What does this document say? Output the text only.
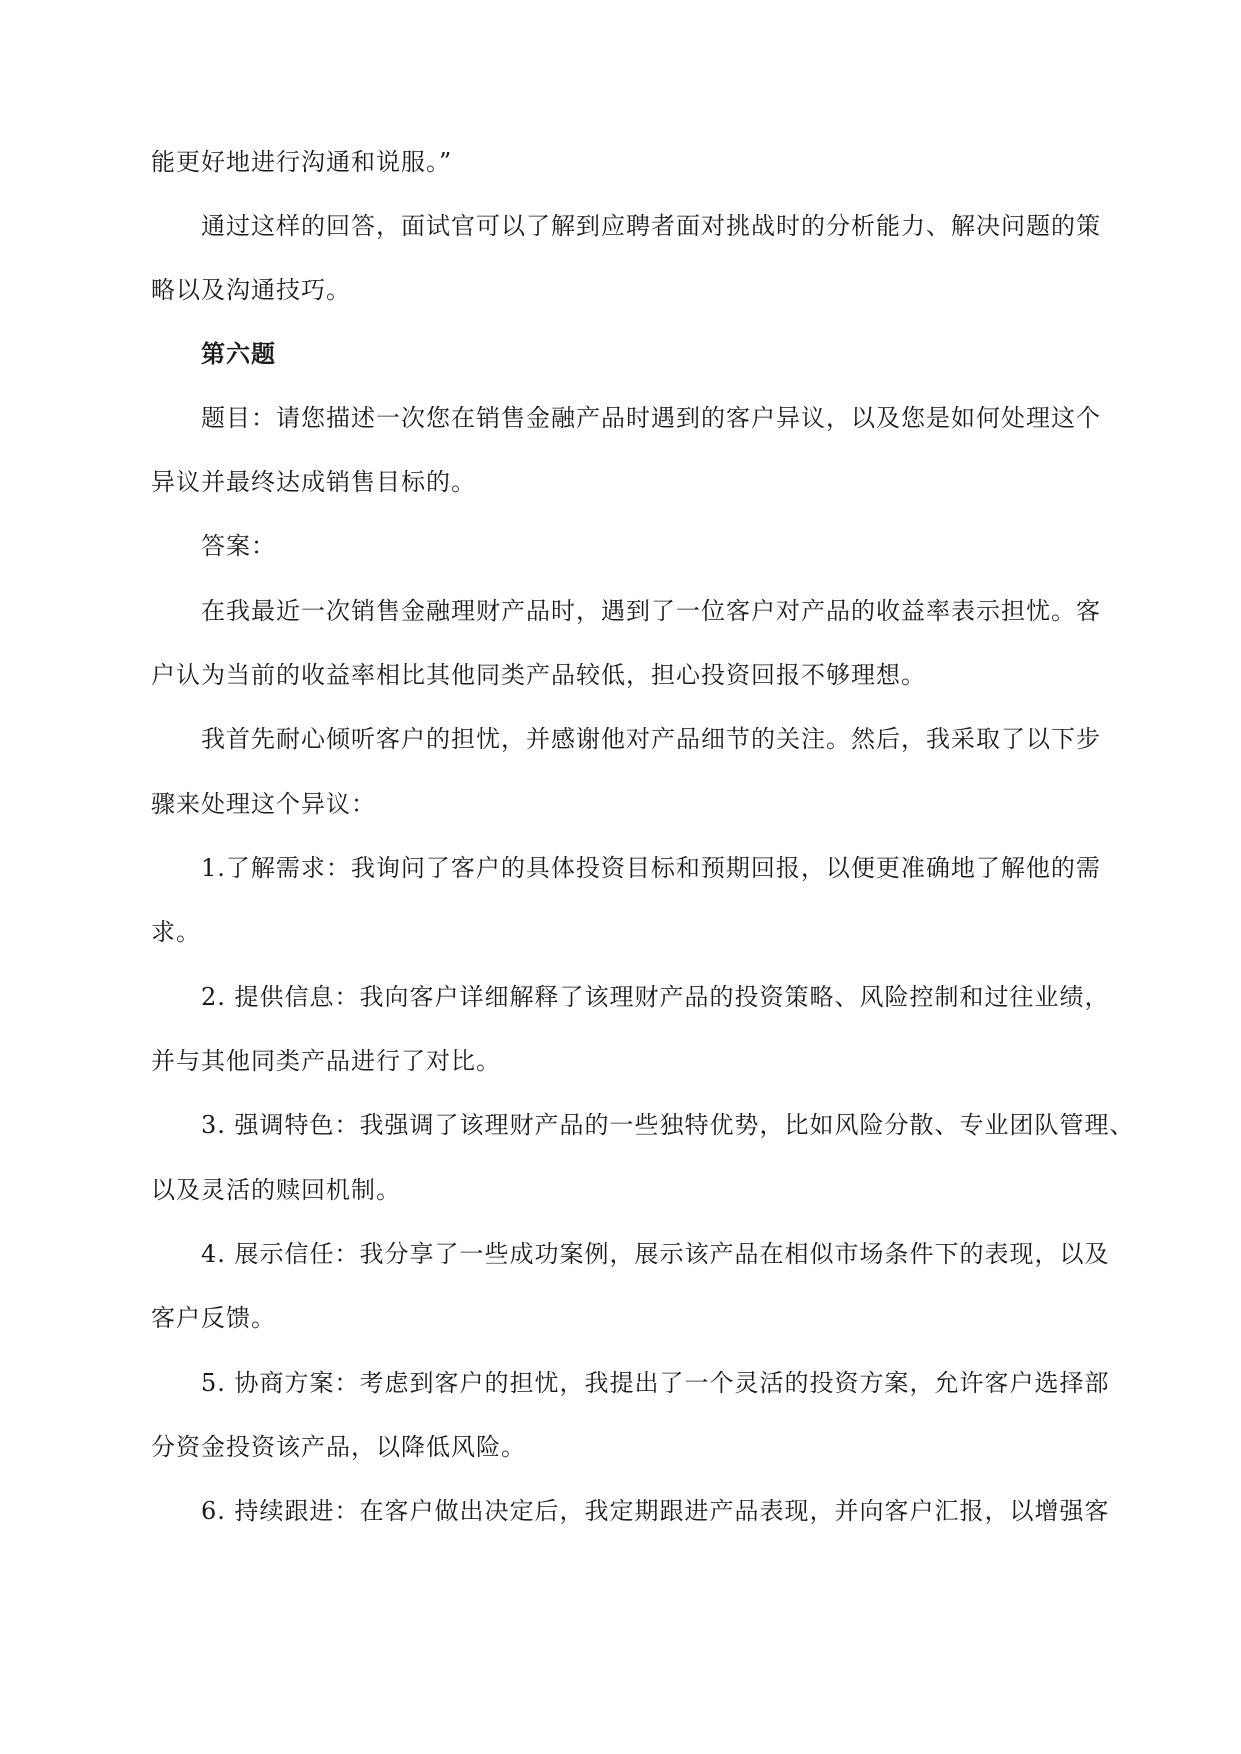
能更好地进行沟通和说服。”
通过这样的回答，面试官可以了解到应聘者面对挑战时的分析能力、解决问题的策
略以及沟通技巧。
第六题
题目：请您描述一次您在销售金融产品时遇到的客户异议，以及您是如何处理这个
异议并最终达成销售目标的。
答案：
在我最近一次销售金融理财产品时，遇到了一位客户对产品的收益率表示担忧。客
户认为当前的收益率相比其他同类产品较低，担心投资回报不够理想。
我首先耐心倾听客户的担忧，并感谢他对产品细节的关注。然后，我采取了以下步
骤来处理这个异议：
1.了解需求：我询问了客户的具体投资目标和预期回报，以便更准确地了解他的需
求。
2. 提供信息：我向客户详细解释了该理财产品的投资策略、风险控制和过往业绩，
并与其他同类产品进行了对比。
3. 强调特色：我强调了该理财产品的一些独特优势，比如风险分散、专业团队管理、
以及灵活的赎回机制。
4. 展示信任：我分享了一些成功案例，展示该产品在相似市场条件下的表现，以及
客户反馈。
5. 协商方案：考虑到客户的担忧，我提出了一个灵活的投资方案，允许客户选择部
分资金投资该产品，以降低风险。
6. 持续跟进：在客户做出决定后，我定期跟进产品表现，并向客户汇报，以增强客
